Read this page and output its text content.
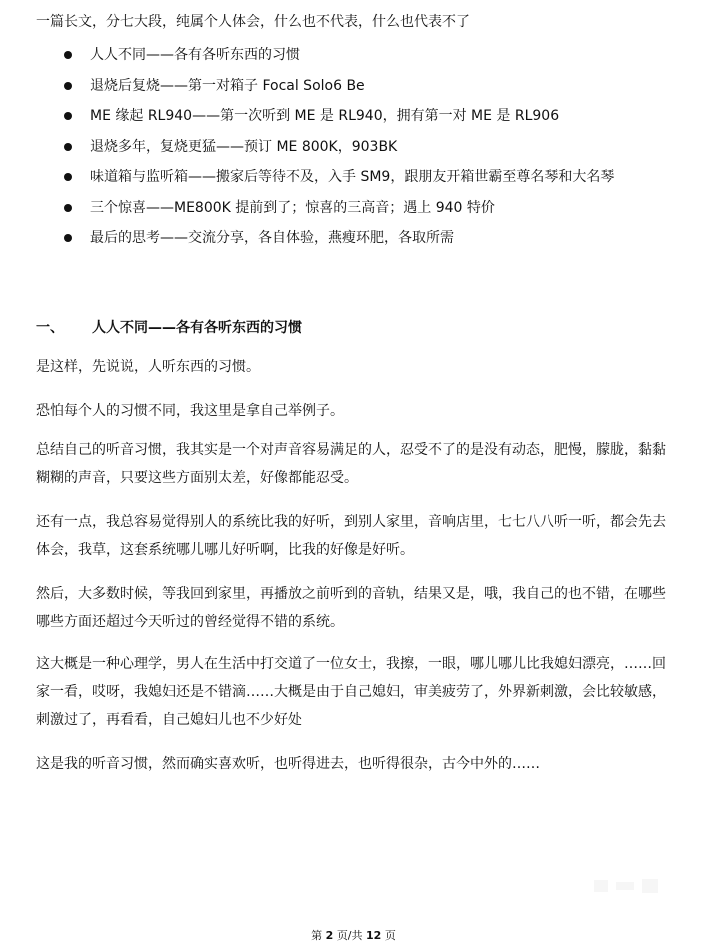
一篇长文，分七大段，纯属个人体会，什么也不代表，什么也代表不了
人人不同——各有各听东西的习惯
退烧后复烧——第一对箱子 Focal Solo6 Be
ME 缘起 RL940——第一次听到 ME 是 RL940，拥有第一对 ME 是 RL906
退烧多年，复烧更猛——预订 ME 800K，903BK
味道箱与监听箱——搬家后等待不及，入手 SM9，跟朋友开箱世霸至尊名琴和大名琴
三个惊喜——ME800K 提前到了；惊喜的三高音；遇上 940 特价
最后的思考——交流分享，各自体验，燕瘦环肥，各取所需
一、 人人不同——各有各听东西的习惯
是这样，先说说，人听东西的习惯。
恐怕每个人的习惯不同，我这里是拿自己举例子。
总结自己的听音习惯，我其实是一个对声音容易满足的人，忍受不了的是没有动态，肥慢，朦胧，黏黏糊糊的声音，只要这些方面别太差，好像都能忍受。
还有一点，我总容易觉得别人的系统比我的好听，到别人家里，音响店里，七七八八听一听，都会先去体会，我草，这套系统哪儿哪儿好听啊，比我的好像是好听。
然后，大多数时候，等我回到家里，再播放之前听到的音轨，结果又是，哦，我自己的也不错，在哪些哪些方面还超过今天听过的曾经觉得不错的系统。
这大概是一种心理学，男人在生活中打交道了一位女士，我擦，一眼，哪儿哪儿比我媳妇漂亮，……回家一看，哎呀，我媳妇还是不错滴……大概是由于自己媳妇，审美疲劳了，外界新刺激，会比较敏感，刺激过了，再看看，自己媳妇儿也不少好处
这是我的听音习惯，然而确实喜欢听，也听得进去，也听得很杂，古今中外的……
第 2 页/共 12 页
